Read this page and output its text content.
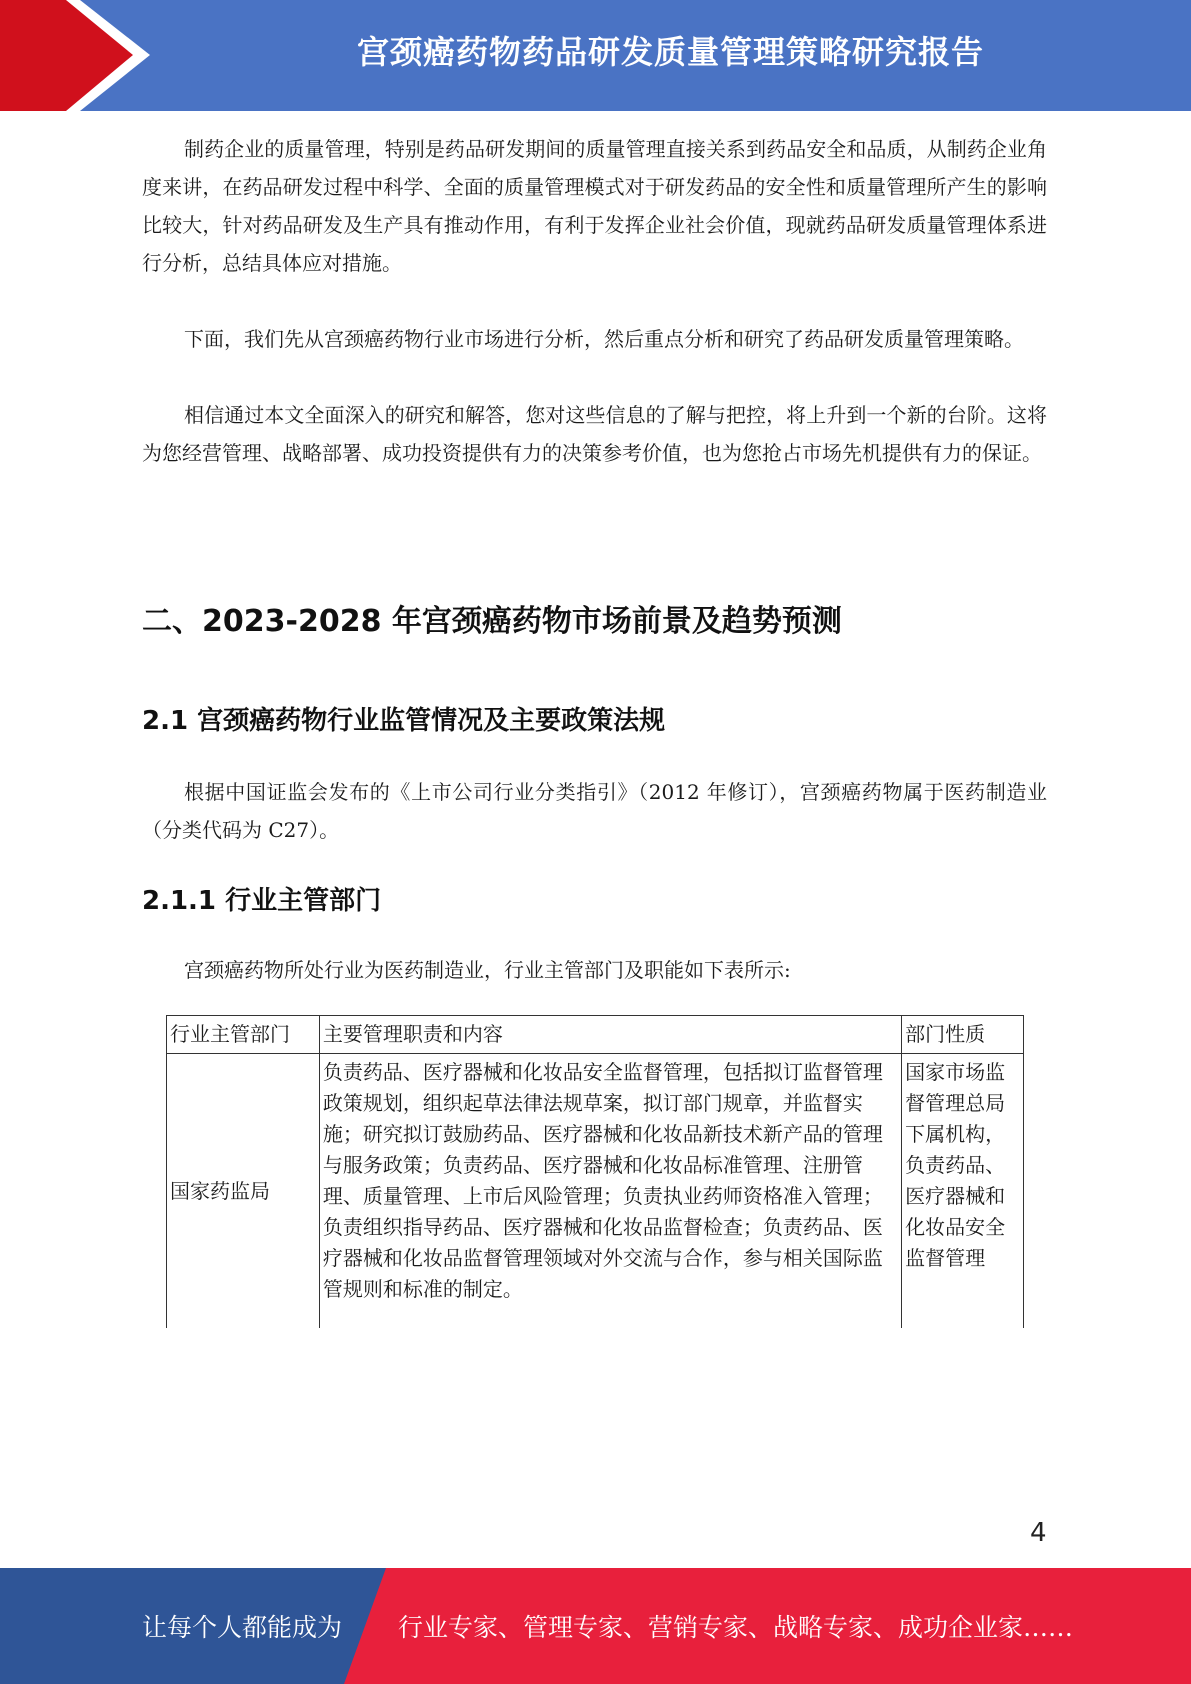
宫颈癌药物药品研发质量管理策略研究报告

制药企业的质量管理，特别是药品研发期间的质量管理直接关系到药品安全和品质，从制药企业角度来讲，在药品研发过程中科学、全面的质量管理模式对于研发药品的安全性和质量管理所产生的影响比较大，针对药品研发及生产具有推动作用，有利于发挥企业社会价值，现就药品研发质量管理体系进行分析，总结具体应对措施。

下面，我们先从宫颈癌药物行业市场进行分析，然后重点分析和研究了药品研发质量管理策略。

相信通过本文全面深入的研究和解答，您对这些信息的了解与把控，将上升到一个新的台阶。这将为您经营管理、战略部署、成功投资提供有力的决策参考价值，也为您抢占市场先机提供有力的保证。

二、2023-2028 年宫颈癌药物市场前景及趋势预测
2.1 宫颈癌药物行业监管情况及主要政策法规

根据中国证监会发布的《上市公司行业分类指引》（2012 年修订），宫颈癌药物属于医药制造业（分类代码为 C27）。

2.1.1 行业主管部门

宫颈癌药物所处行业为医药制造业，行业主管部门及职能如下表所示:

行业主管部门	主要管理职责和内容	部门性质
国家药监局	负责药品、医疗器械和化妆品安全监督管理，包括拟订监督管理政策规划，组织起草法律法规草案，拟订部门规章，并监督实施；研究拟订鼓励药品、医疗器械和化妆品新技术新产品的管理与服务政策；负责药品、医疗器械和化妆品标准管理、注册管理、质量管理、上市后风险管理；负责执业药师资格准入管理；负责组织指导药品、医疗器械和化妆品监督检查；负责药品、医疗器械和化妆品监督管理领域对外交流与合作，参与相关国际监管规则和标准的制定。	国家市场监督管理总局下属机构，负责药品、医疗器械和化妆品安全监督管理
4
让每个人都能成为 行业专家、管理专家、营销专家、战略专家、成功企业家……
